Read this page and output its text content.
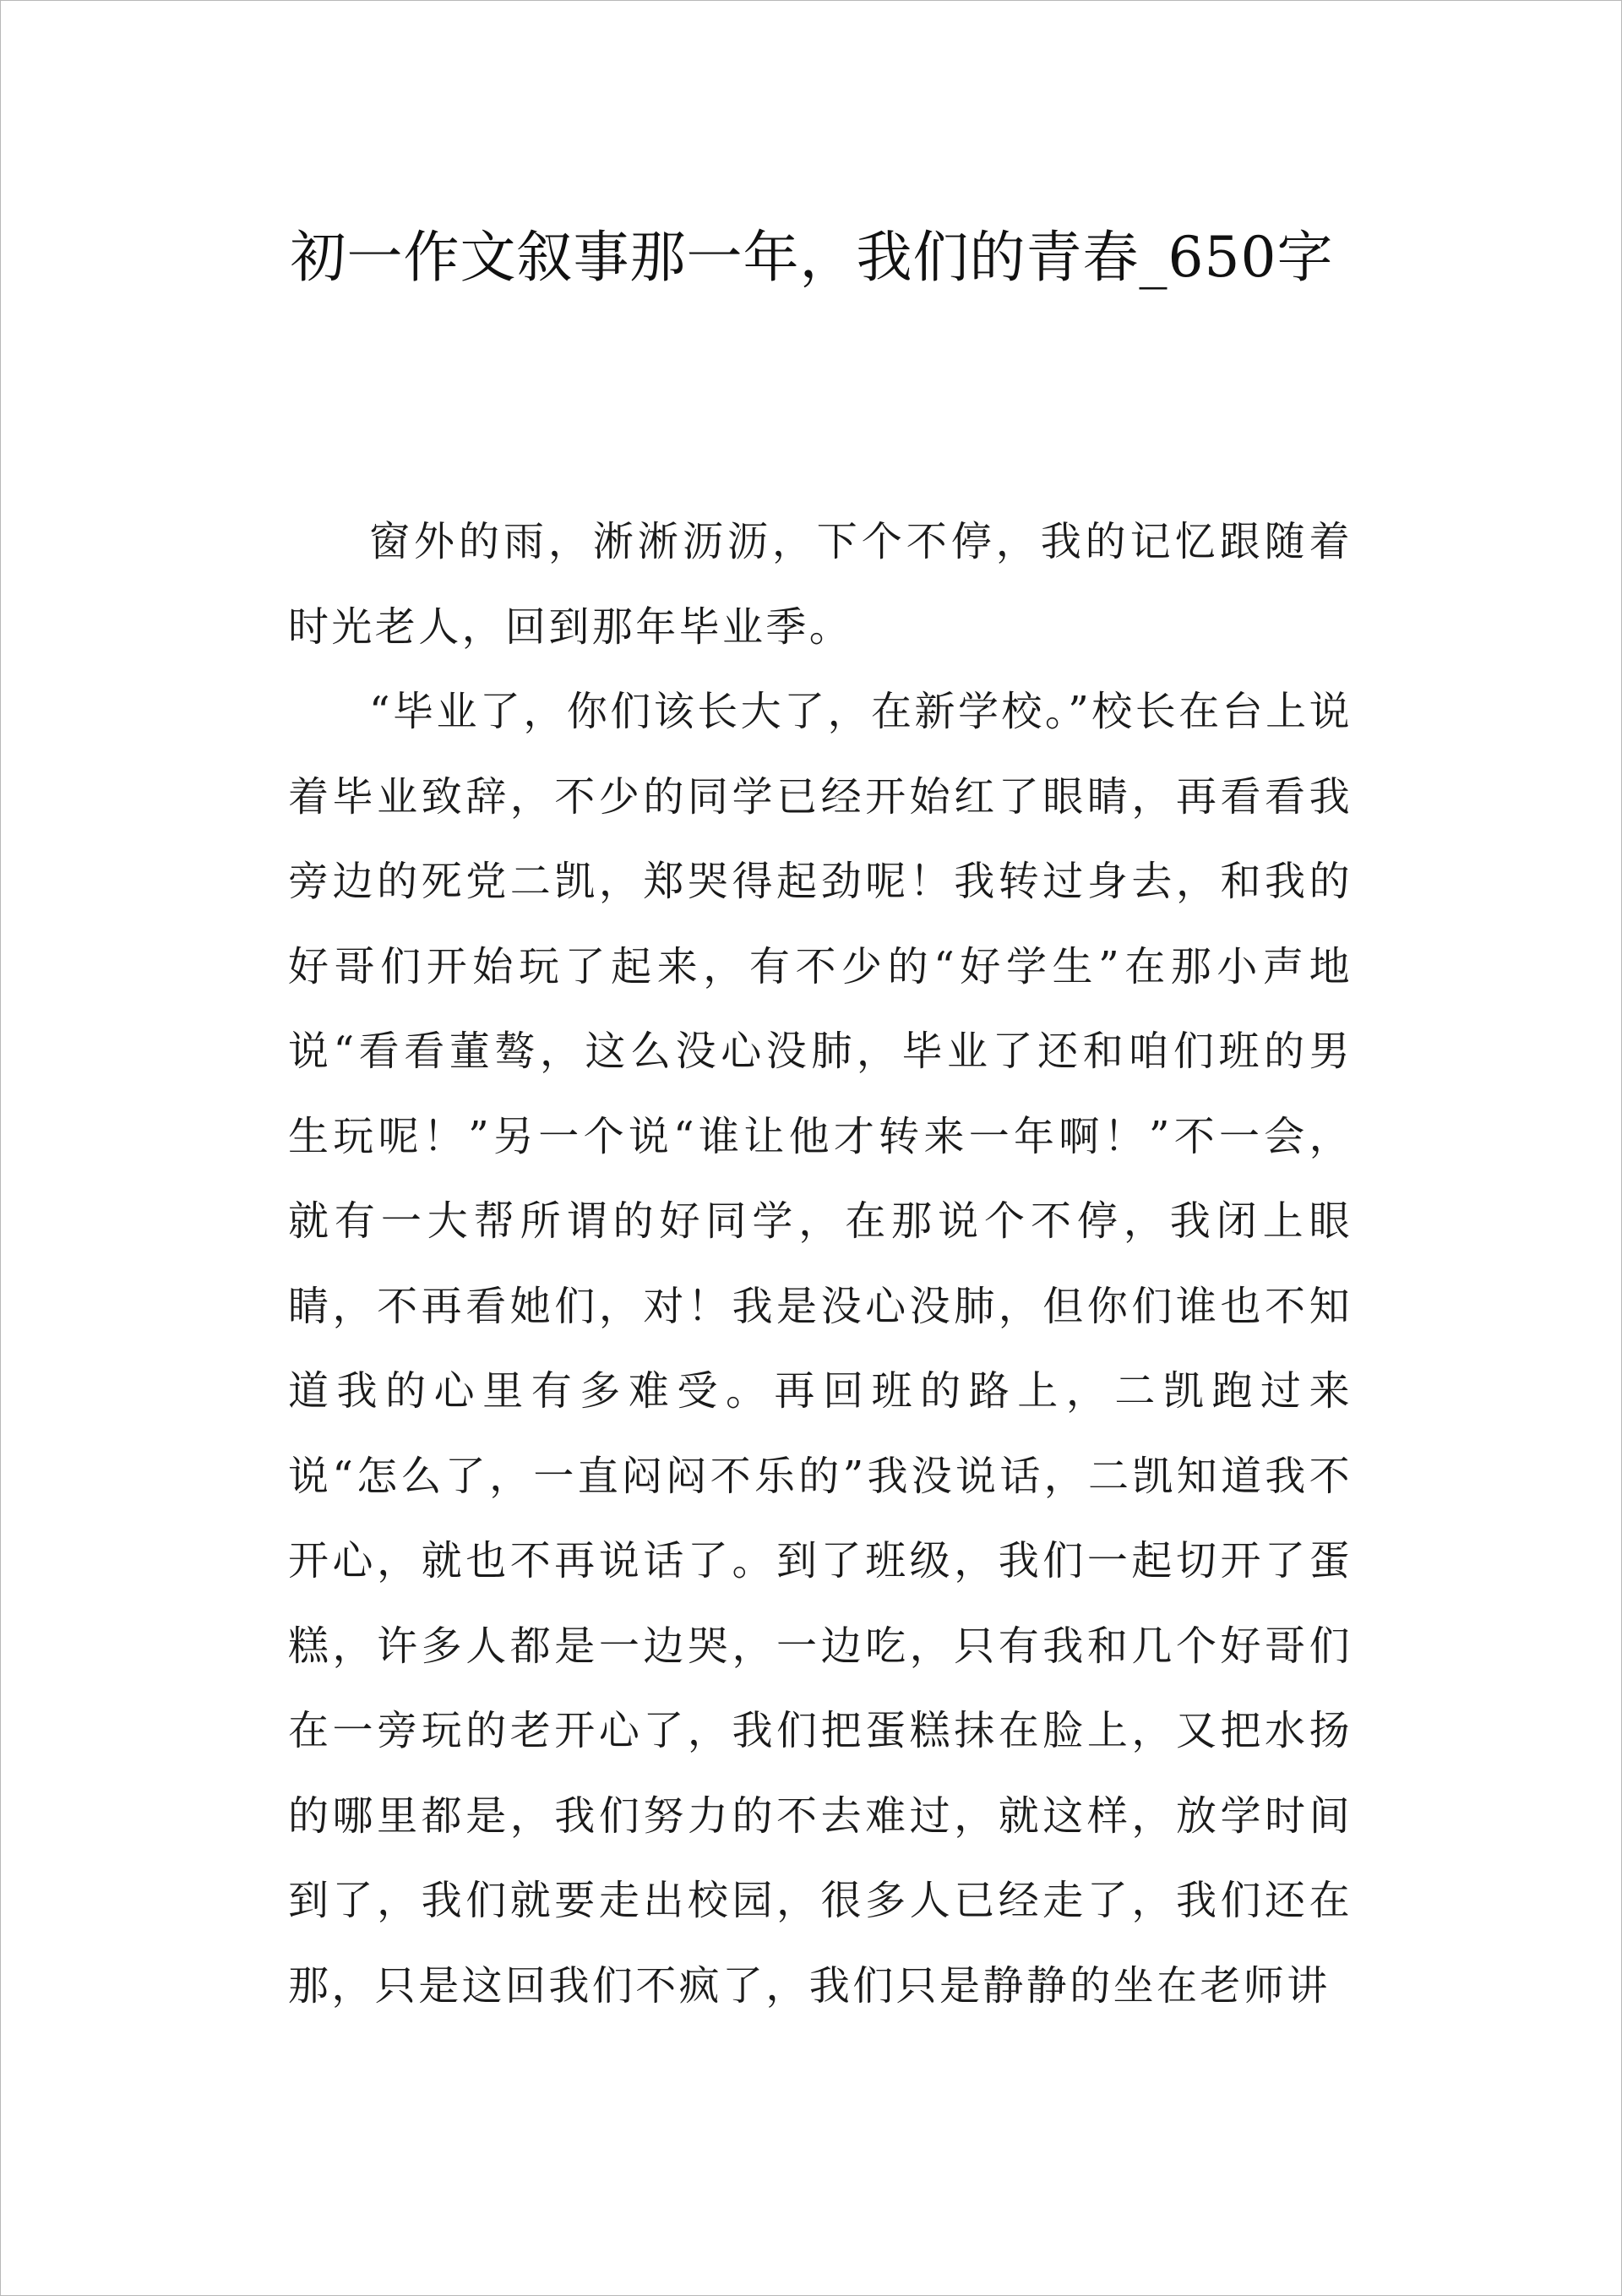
初一作文叙事那一年，我们的青春_650字

窗外的雨，淅淅沥沥，下个不停，我的记忆跟随着时光老人，回到那年毕业季。

“毕业了，你们该长大了，在新学校。”校长在台上说着毕业致辞，不少的同学已经开始红了眼睛，再看看我旁边的死党二凯，郑哭得起劲呢！我转过身去，和我的好哥们开始玩了起来，有不少的“好学生”在那小声地说“看看董骜，这么没心没肺，毕业了还和咱们班的男生玩呢！”另一个说“谁让他才转来一年啊！”不一会，就有一大帮所谓的好同学，在那说个不停，我闭上眼睛，不再看她们，对！我是没心没肺，但你们谁也不知道我的心里有多难受。再回班的路上，二凯跑过来说“怎么了，一直闷闷不乐的”我没说话，二凯知道我不开心，就也不再说话了。到了班级，我们一起切开了蛋糕，许多人都是一边哭，一边吃，只有我和几个好哥们在一旁玩的老开心了，我们把蛋糕抹在脸上，又把水扬的哪里都是，我们努力的不去难过，就这样，放学时间到了，我们就要走出校园，很多人已经走了，我们还在那，只是这回我们不疯了，我们只是静静的坐在老师讲
